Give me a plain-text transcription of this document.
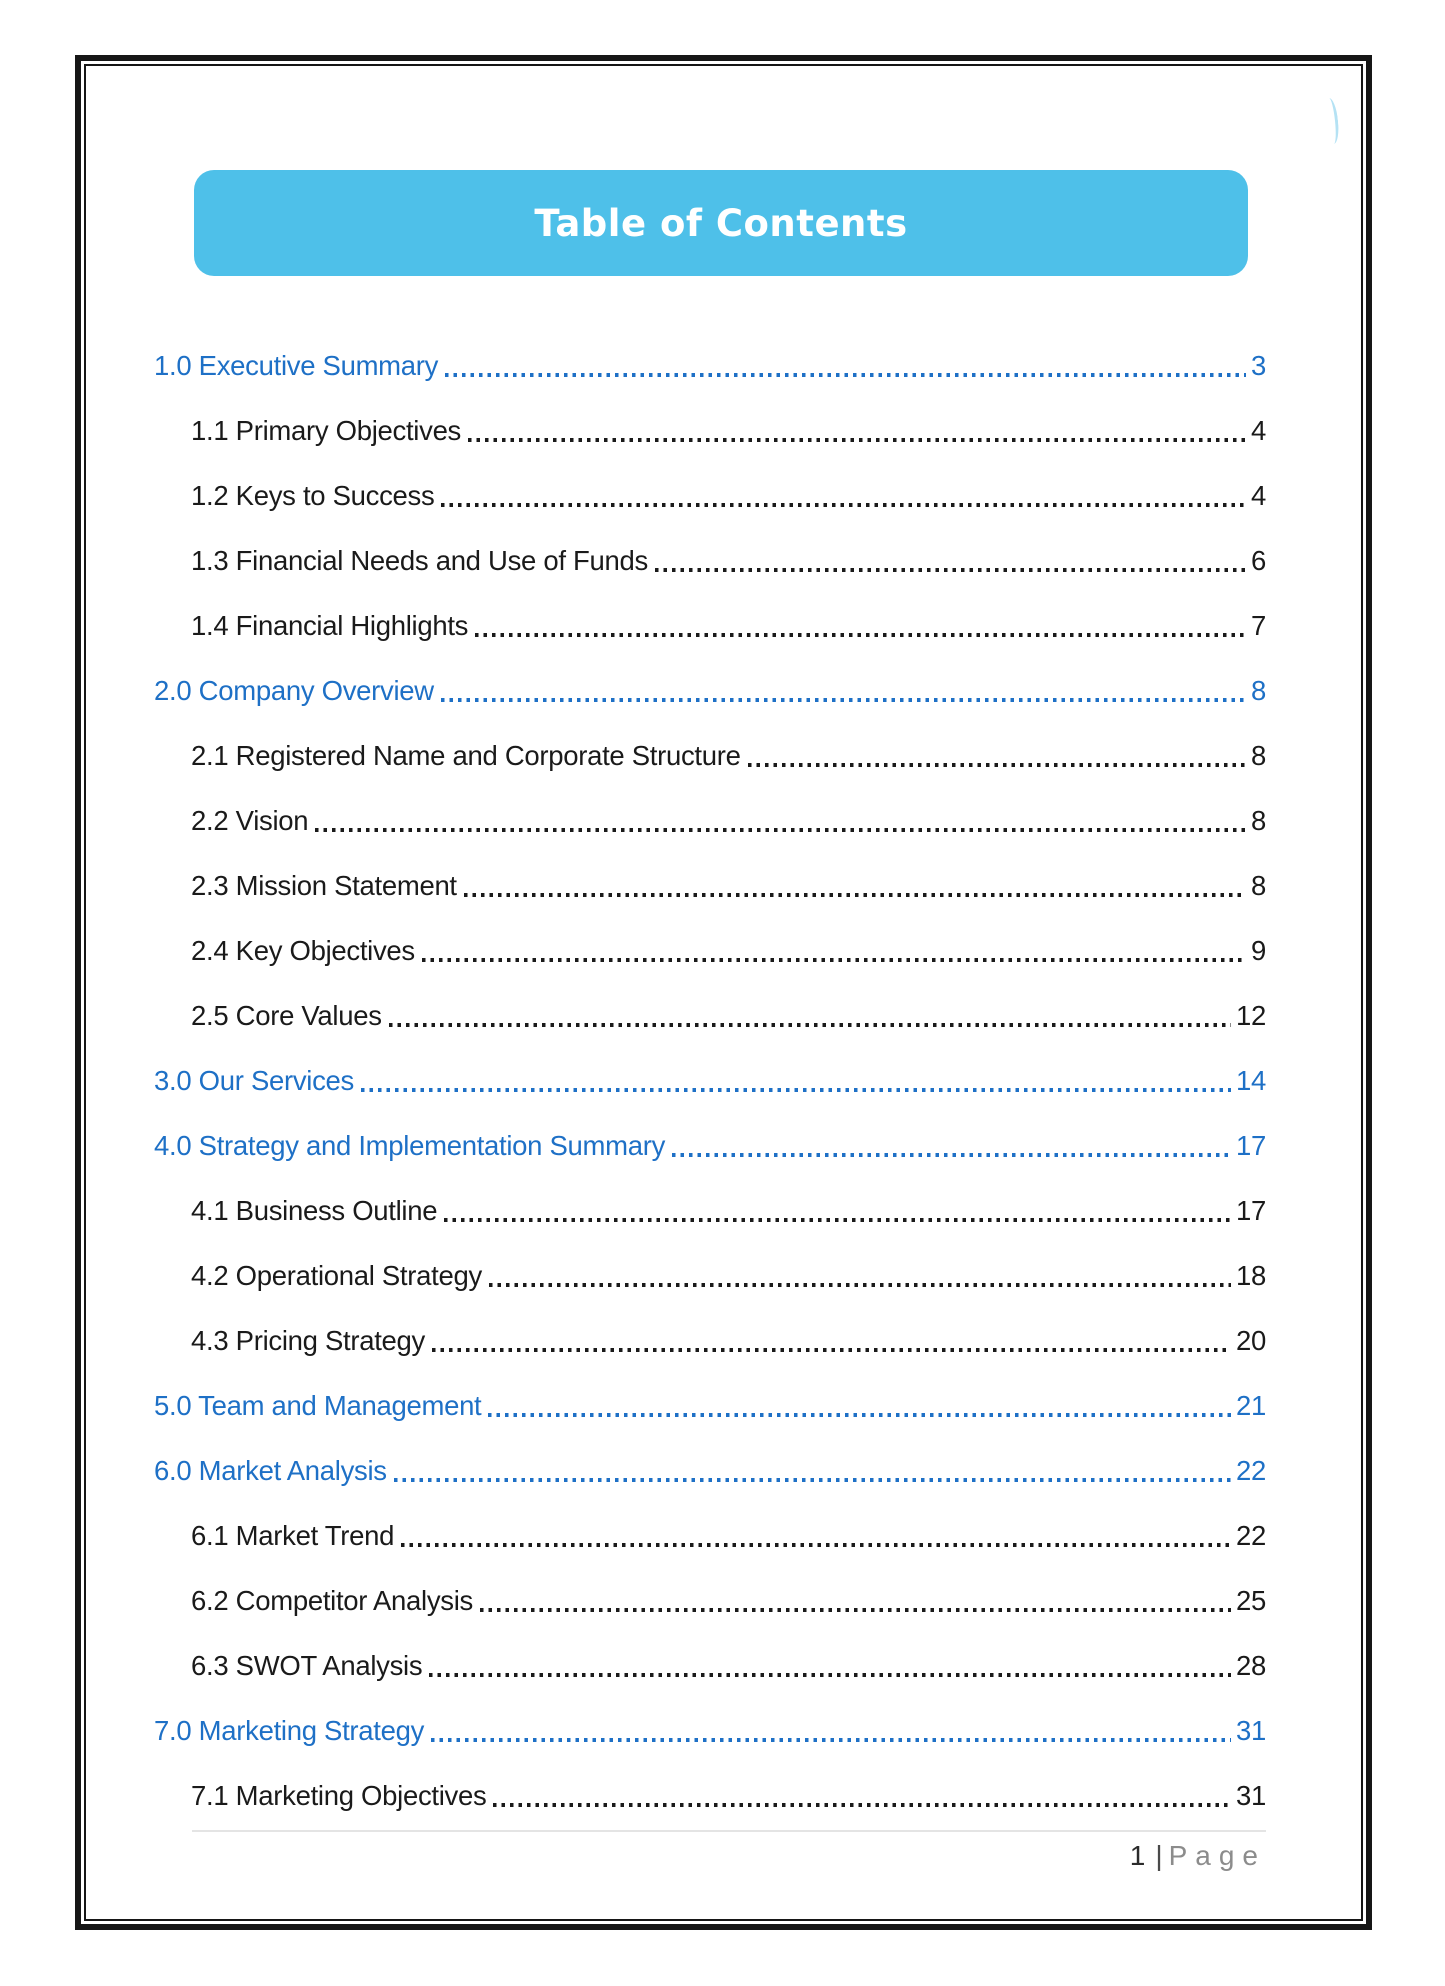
Table of Contents
1.0 Executive Summary	3
1.1 Primary Objectives	4
1.2 Keys to Success	4
1.3 Financial Needs and Use of Funds	6
1.4 Financial Highlights	7
2.0 Company Overview	8
2.1 Registered Name and Corporate Structure	8
2.2 Vision	8
2.3 Mission Statement	8
2.4 Key Objectives	9
2.5 Core Values	12
3.0 Our Services	14
4.0 Strategy and Implementation Summary	17
4.1 Business Outline	17
4.2 Operational Strategy	18
4.3 Pricing Strategy	20
5.0 Team and Management	21
6.0 Market Analysis	22
6.1 Market Trend	22
6.2 Competitor Analysis	25
6.3 SWOT Analysis	28
7.0 Marketing Strategy	31
7.1 Marketing Objectives	31
1 | Page
